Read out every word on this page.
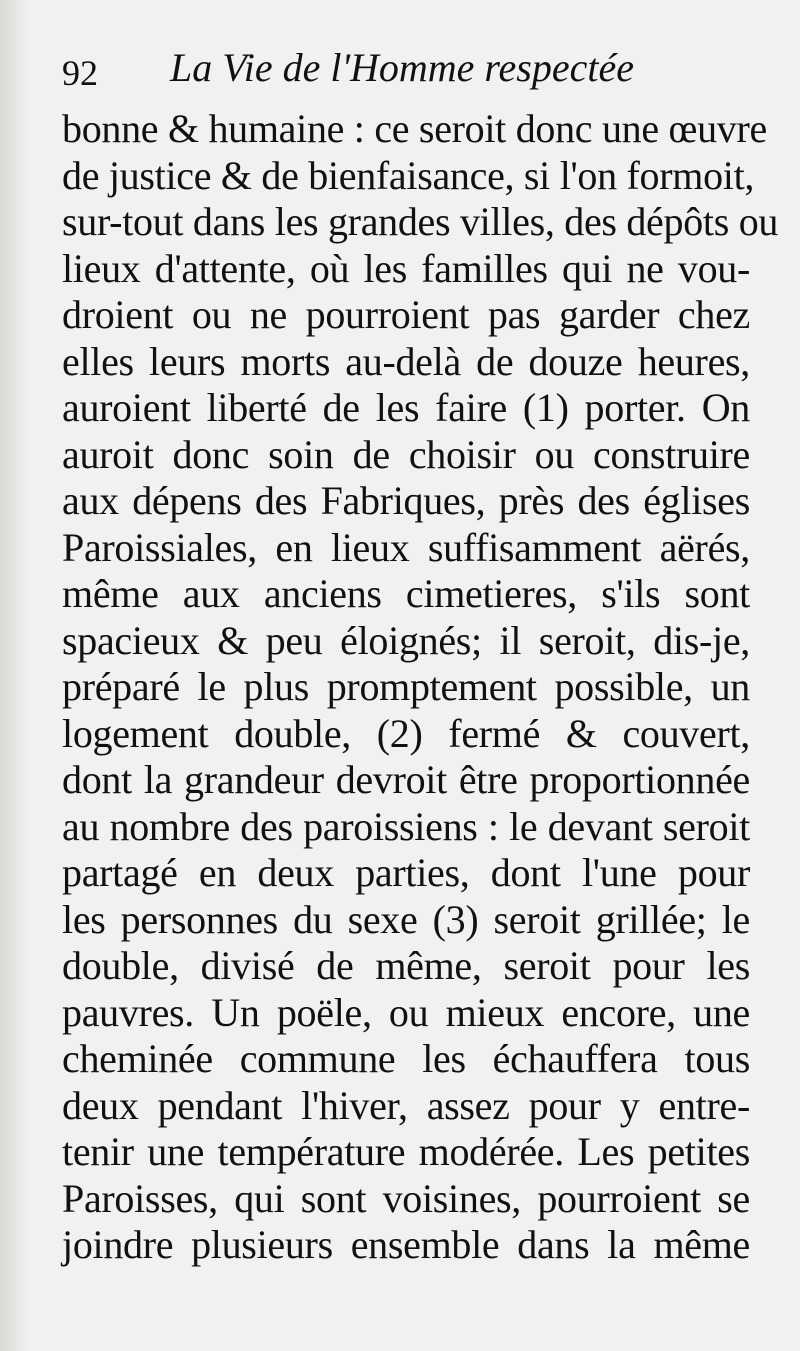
92 La Vie de l'Homme respectée
bonne & humaine : ce seroit donc une œuvre
de justice & de bienfaisance, si l'on formoit,
sur-tout dans les grandes villes, des dépôts ou
lieux d'attente, où les familles qui ne vou-
droient ou ne pourroient pas garder chez
elles leurs morts au-delà de douze heures,
auroient liberté de les faire (1) porter. On
auroit donc soin de choisir ou construire
aux dépens des Fabriques, près des églises
Paroissiales, en lieux suffisamment aërés,
même aux anciens cimetieres, s'ils sont
spacieux & peu éloignés; il seroit, dis-je,
préparé le plus promptement possible, un
logement double, (2) fermé & couvert,
dont la grandeur devroit être proportionnée
au nombre des paroissiens : le devant seroit
partagé en deux parties, dont l'une pour
les personnes du sexe (3) seroit grillée; le
double, divisé de même, seroit pour les
pauvres. Un poële, ou mieux encore, une
cheminée commune les échauffera tous
deux pendant l'hiver, assez pour y entre-
tenir une température modérée. Les petites
Paroisses, qui sont voisines, pourroient se
joindre plusieurs ensemble dans la même
